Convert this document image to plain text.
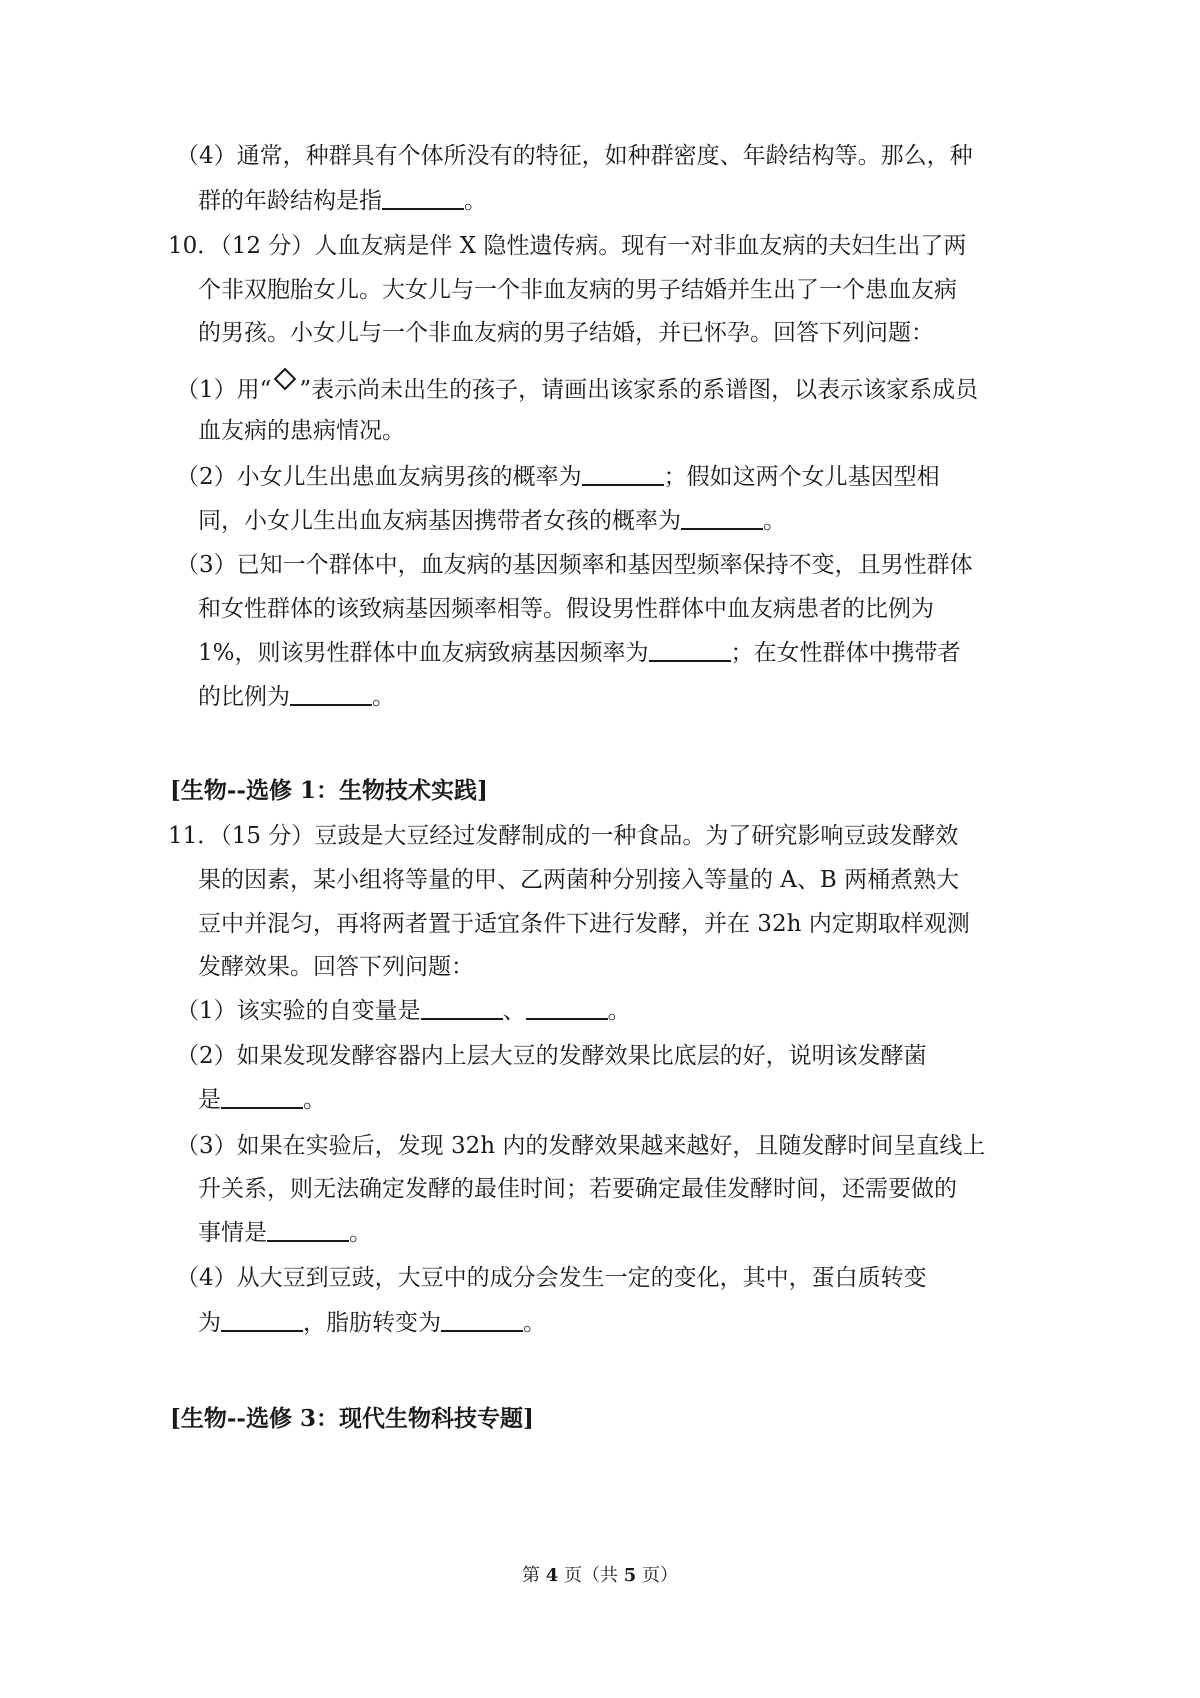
（4）通常，种群具有个体所没有的特征，如种群密度、年龄结构等。那么，种
群的年龄结构是指	。
10．（12 分）人血友病是伴 X 隐性遗传病。现有一对非血友病的夫妇生出了两
个非双胞胎女儿。大女儿与一个非血友病的男子结婚并生出了一个患血友病
的男孩。小女儿与一个非血友病的男子结婚，并已怀孕。回答下列问题：
（1）用“ ”表示尚未出生的孩子，请画出该家系的系谱图，以表示该家系成员
血友病的患病情况。
（2）小女儿生出患血友病男孩的概率为	；假如这两个女儿基因型相
同，小女儿生出血友病基因携带者女孩的概率为	。
（3）已知一个群体中，血友病的基因频率和基因型频率保持不变，且男性群体
和女性群体的该致病基因频率相等。假设男性群体中血友病患者的比例为
1%，则该男性群体中血友病致病基因频率为	；在女性群体中携带者
的比例为	。
[生物--选修 1：生物技术实践]
11．（15 分）豆豉是大豆经过发酵制成的一种食品。为了研究影响豆豉发酵效
果的因素，某小组将等量的甲、乙两菌种分别接入等量的 A、B 两桶煮熟大
豆中并混匀，再将两者置于适宜条件下进行发酵，并在 32h 内定期取样观测
发酵效果。回答下列问题：
（1）该实验的自变量是	、	。
（2）如果发现发酵容器内上层大豆的发酵效果比底层的好，说明该发酵菌
是	。
（3）如果在实验后，发现 32h 内的发酵效果越来越好，且随发酵时间呈直线上
升关系，则无法确定发酵的最佳时间；若要确定最佳发酵时间，还需要做的
事情是	。
（4）从大豆到豆豉，大豆中的成分会发生一定的变化，其中，蛋白质转变
为	，脂肪转变为	。
[生物--选修 3：现代生物科技专题]
第 4 页（共 5 页）
